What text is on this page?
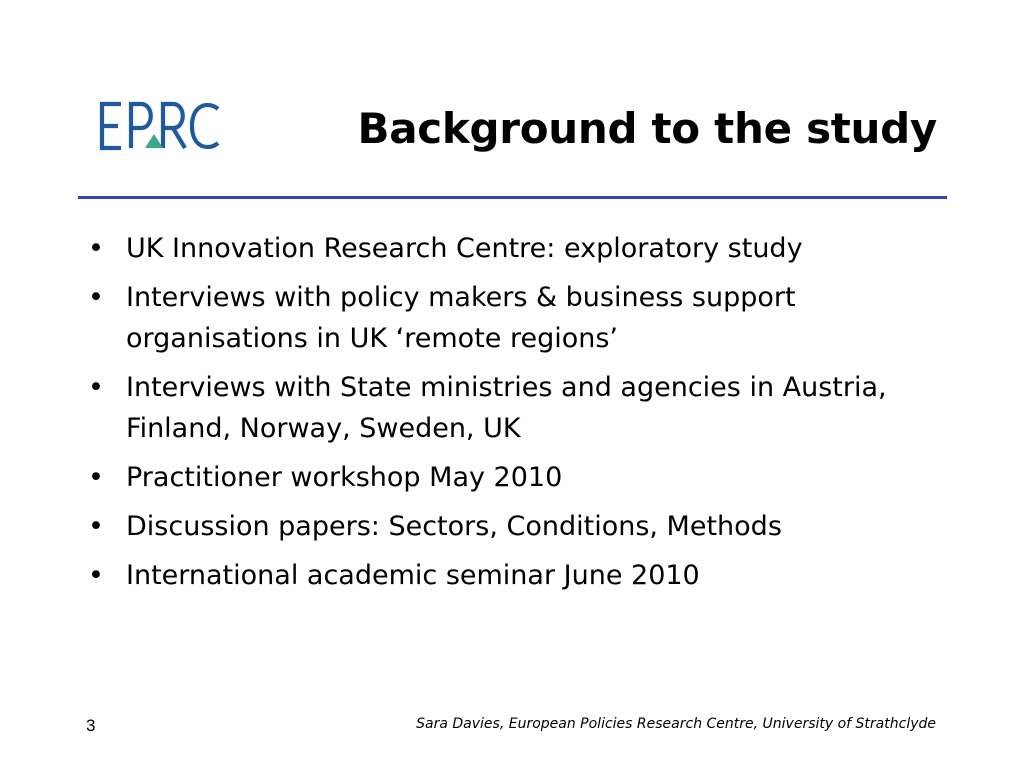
Background to the study
• UK Innovation Research Centre: exploratory study
• Interviews with policy makers & business support organisations in UK ‘remote regions’
• Interviews with State ministries and agencies in Austria, Finland, Norway, Sweden, UK
• Practitioner workshop May 2010
• Discussion papers: Sectors, Conditions, Methods
• International academic seminar June 2010
3	Sara Davies, European Policies Research Centre, University of Strathclyde
